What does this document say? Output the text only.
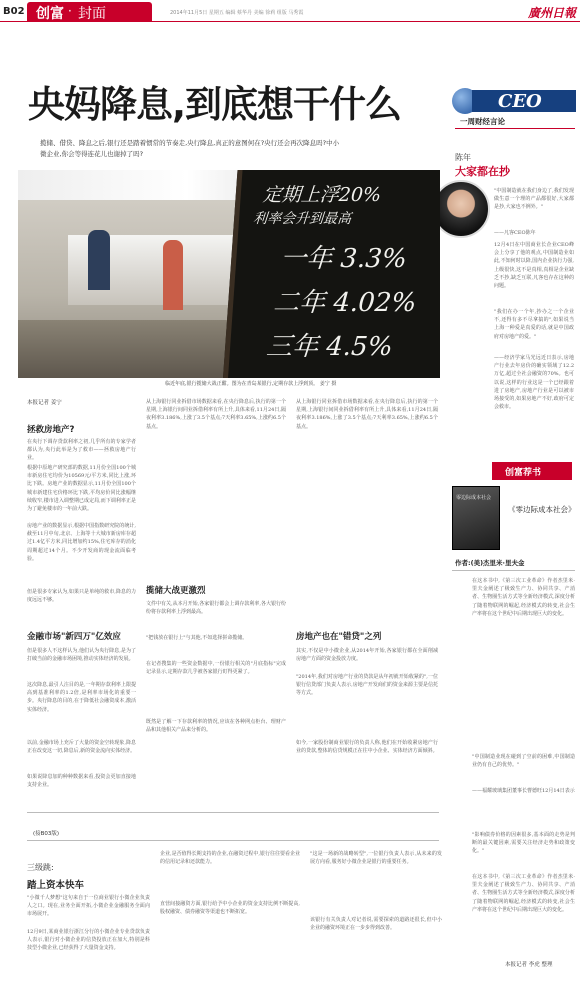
B02 创富 · 封面	2014年11月5日 星期五 编辑 蔡华丹 美编 徐莉 组版 马秀霞	廣州日報
央妈降息,到底想干什么
揽储、借贷、降息之后,银行还是踏着惯常的节奏走,央行降息,真正的意图何在?央行还会再次降息吗?中小微企业,你会等得连花儿也谢掉了吗?
CEO
一周财经言论
陈年
大家都在抄
"中国制造就在我们身边了,我们发现做生意一个理的产品都很好,大家都是抄,大家也不例外。"
——凡客CEO陈年
12月4日在中国商业长企业CEO峰会上分享了他的观点,中国制造业如此,不知何时以降,国内企业执行力强,上级很快,这不是真相,真相是企业缺乏不抄,缺乏互联,凡客也存在这种的问题。
"我们在办一个年,抄办之一个企业不,还得有多不尽拿搞的",如果说当上海一种爱是真爱的话,就是中国政府对房地产的爱。"
——经济学家马光远近日表示,房地产行业去年房价的确实领域了12.2万亿,超过全社会融资的70%。也可以说,这样的行业这是一个已经跟着进了房地产,房地产行业是可以被市场接受的,如果房地产不好,政府可定会救市。
定期上浮20%
利率会升到最高
一年 3.3%
二年 4.02%
三年 4.5%
临近年底,银行揽储大战正酣。图为在青岛某银行,定期存款上浮到顶。 姜宁 摄
本报记者 姜宁
拯救房地产?
在央行下调存贷款利率之初,几乎所有的专家学者都认为,央行此举是为了救市——拯救房地产行业。
根据中原地产研究部的数据,11月份全国100个城市新房住宅均价为10569元/平方米,同比上涨,环比下跌。房地产业的数据显示,11月份全国100个城市新建住宅价格环比下跌,平均房价同比涨幅继续收窄,楼市进入调整期已成定局,而下调利率正是为了避免楼市的一年前大跌。
房地产业的数据显示,根据中国指数研究院的统计,截至11月中旬,北京、上海等十大城市新房库存超过1.4亿平方米,同比增加约15%,住宅库存的消化周期超过14个月。不少开发商的现金流面临考验。
但是很多专家认为,如果只是单纯的救市,降息的力度远远不够。
金融市场"新四万"亿效应
但是很多人不这样认为,他们认为央行降息,是为了打破当前的金融市场困境,推动实体经济的发展。
这次降息,最引人注目的是,一年期存款利率上限提高到基准利率的1.2倍,是利率市场化的重要一步。央行降息的目的,在于降低社会融资成本,激活实体经济。
以前,金融市场上充斥了大量的资金空转现象,降息正在改变这一切,降息后,新的资金流向实体经济。
如果说降息加的种种数据来看,投资会更加直接地支持企业。
从上海银行同业拆借市场数据来看,在央行降息后,执行的第一个星期,上海银行间同业拆借利率有所上升,具体来看,11月24日,隔夜利率3.186%,上涨了3.5个基点;7天利率3.65%,上涨约6.5个基点。
揽储大战更激烈
文件中有关,从本月开始,各家银行都会上调存款利率,各大银行纷纷将存款利率上浮到最高。
"把钱放在银行上"与其他,不如选择拼命揽储。
在记者搜集的一些资金数据中,一份银行相关的"月底指标"完成记录显示,定期存款几乎被各家银行盯得更紧了。
既然是了解一下存款利率的情况,应该在各种网点柜台、理财产品和其他相关产品来分析的。
从上海银行同业拆借市场数据来看,在央行降息后,执行的第一个星期,上海银行间同业拆借利率有所上升,具体来看,11月24日,隔夜利率3.186%,上涨了3.5个基点;7天利率3.65%,上涨约6.5个基点。
房地产也在"错贷"之列
其实,不仅是中小微企业,从2014年开始,各家银行都在全面削减房地产方面的资金投放力度。
"2014年,我们对房地产行业的贷款是从年初就开始收紧的",一位银行信贷部门负责人表示,房地产开发商们的资金来源主要是信托等方式。
如今,一家股份制商业银行的负责人称,他们在开始收紧房地产行业的贷款,整体的信贷规模正在往中小企业、实体经济方面倾斜。
创富荐书
零边际成本社会
《零边际成本社会》
作者:(美)杰里米·里夫金
在这本书中,《第三次工业革命》作者杰里米·里夫金阐述了极致生产力、协同共享、产消者、生物圈生活方式等全新经济模式,深度分析了随着物联网的崛起,经济模式的转变,社会生产率将在这个世纪中后期出现巨大的变化。
"中国制造业现在碰到了空前的困难,中国制造业仍有自己的优势。"
——福耀玻璃集团董事长曹德旺12月14日表示
"影响债券价格的因素很多,基本面的走势是判断的最关键因素,需要关注经济走势和政策变化。"
在这本书中,《第三次工业革命》作者杰里米·里夫金阐述了极致生产力、协同共享、产消者、生物圈生活方式等全新经济模式,深度分析了随着物联网的崛起,经济模式的转变,社会生产率将在这个世纪中后期出现巨大的变化。
(接B03版)
三级跳:
踏上资本快车
"小微千人梦想"这句来自于一位商业银行小微企业负责人之口。现在,业务全面开拓,小微企业金融服务全面向市场展开。
12月9日,某商业银行浙江分行的小微企业专业贷款负责人表示,银行对小微企业的信贷投放正在加大,特别是科技型小微企业,已经获得了大量资金支持。
企业,是否值得长期支持的企业,在融资过程中,银行往往要看企业的信用记录和还款能力。
直营间接融资方面,银行给予中小企业的资金支持比例不断提高,股权融资、债券融资等渠道也不断拓宽。
"这是一场新的战略转型",一位银行负责人表示,从未来的发展方向看,服务好小微企业是银行的重要任务。
该银行有关负责人对记者说,需要探索的道路还很长,但中小企业的融资环境正在一步步得到改善。
本报记者 李虎 整理
